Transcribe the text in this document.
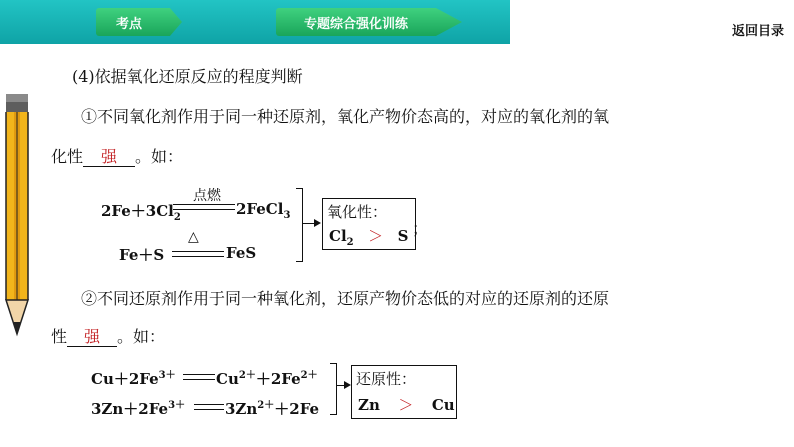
考点	专题综合强化训练	返回目录
(4)依据氧化还原反应的程度判断
①不同氧化剂作用于同一种还原剂，氧化产物价态高的，对应的氧化剂的氧
化性 强 。如：
$2Fe+3Cl_2$
点燃
2FeCl$_3$
Fe＋S
△
FeS
氧化性：
$Cl_2 > S$ ；
②不同还原剂作用于同一种氧化剂，还原产物价态低的对应的还原剂的还原
性 强 。如：
$Cu+2Fe^{3+}$	$Cu^{2+}+2Fe^{2+}$
$3Zn+2Fe^{3+}$	$3Zn^{2+}+2Fe$
还原性：
Zn ＞ Cu
